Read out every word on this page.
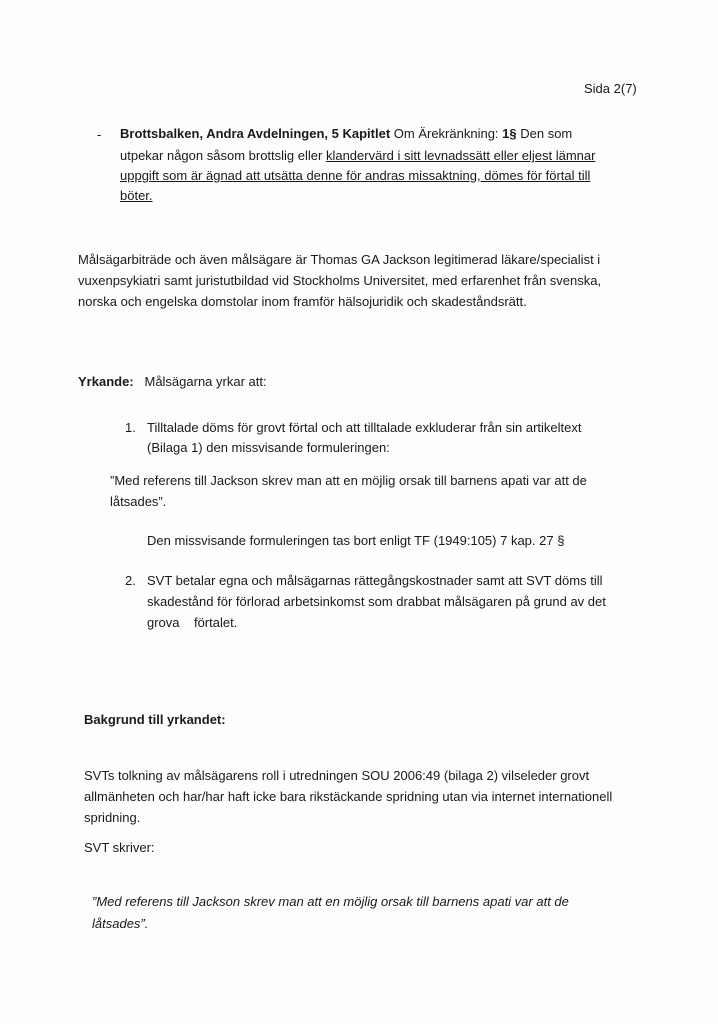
Sida 2(7)
- Brottsbalken, Andra Avdelningen, 5 Kapitlet Om Ärekränkning: 1§ Den som
utpekar någon såsom brottslig eller klandervärd i sitt levnadssätt eller eljest lämnar
uppgift som är ägnad att utsätta denne för andras missaktning, dömes för förtal till
böter.
Målsägarbiträde och även målsägare är Thomas GA Jackson legitimerad läkare/specialist i
vuxenpsykiatri samt juristutbildad vid Stockholms Universitet, med erfarenhet från svenska,
norska och engelska domstolar inom framför hälsojuridik och skadeståndsrätt.
Yrkande: Målsägarna yrkar att:
1. Tilltalade döms för grovt förtal och att tilltalade exkluderar från sin artikeltext
(Bilaga 1) den missvisande formuleringen:
”Med referens till Jackson skrev man att en möjlig orsak till barnens apati var att de
låtsades”.
Den missvisande formuleringen tas bort enligt TF (1949:105) 7 kap. 27 §
2. SVT betalar egna och målsägarnas rättegångskostnader samt att SVT döms till
skadestånd för förlorad arbetsinkomst som drabbat målsägaren på grund av det
grova    förtalet.
Bakgrund till yrkandet:
SVTs tolkning av målsägarens roll i utredningen SOU 2006:49 (bilaga 2) vilseleder grovt
allmänheten och har/har haft icke bara rikstäckande spridning utan via internet internationell
spridning.
SVT skriver:
”Med referens till Jackson skrev man att en möjlig orsak till barnens apati var att de
låtsades”.
